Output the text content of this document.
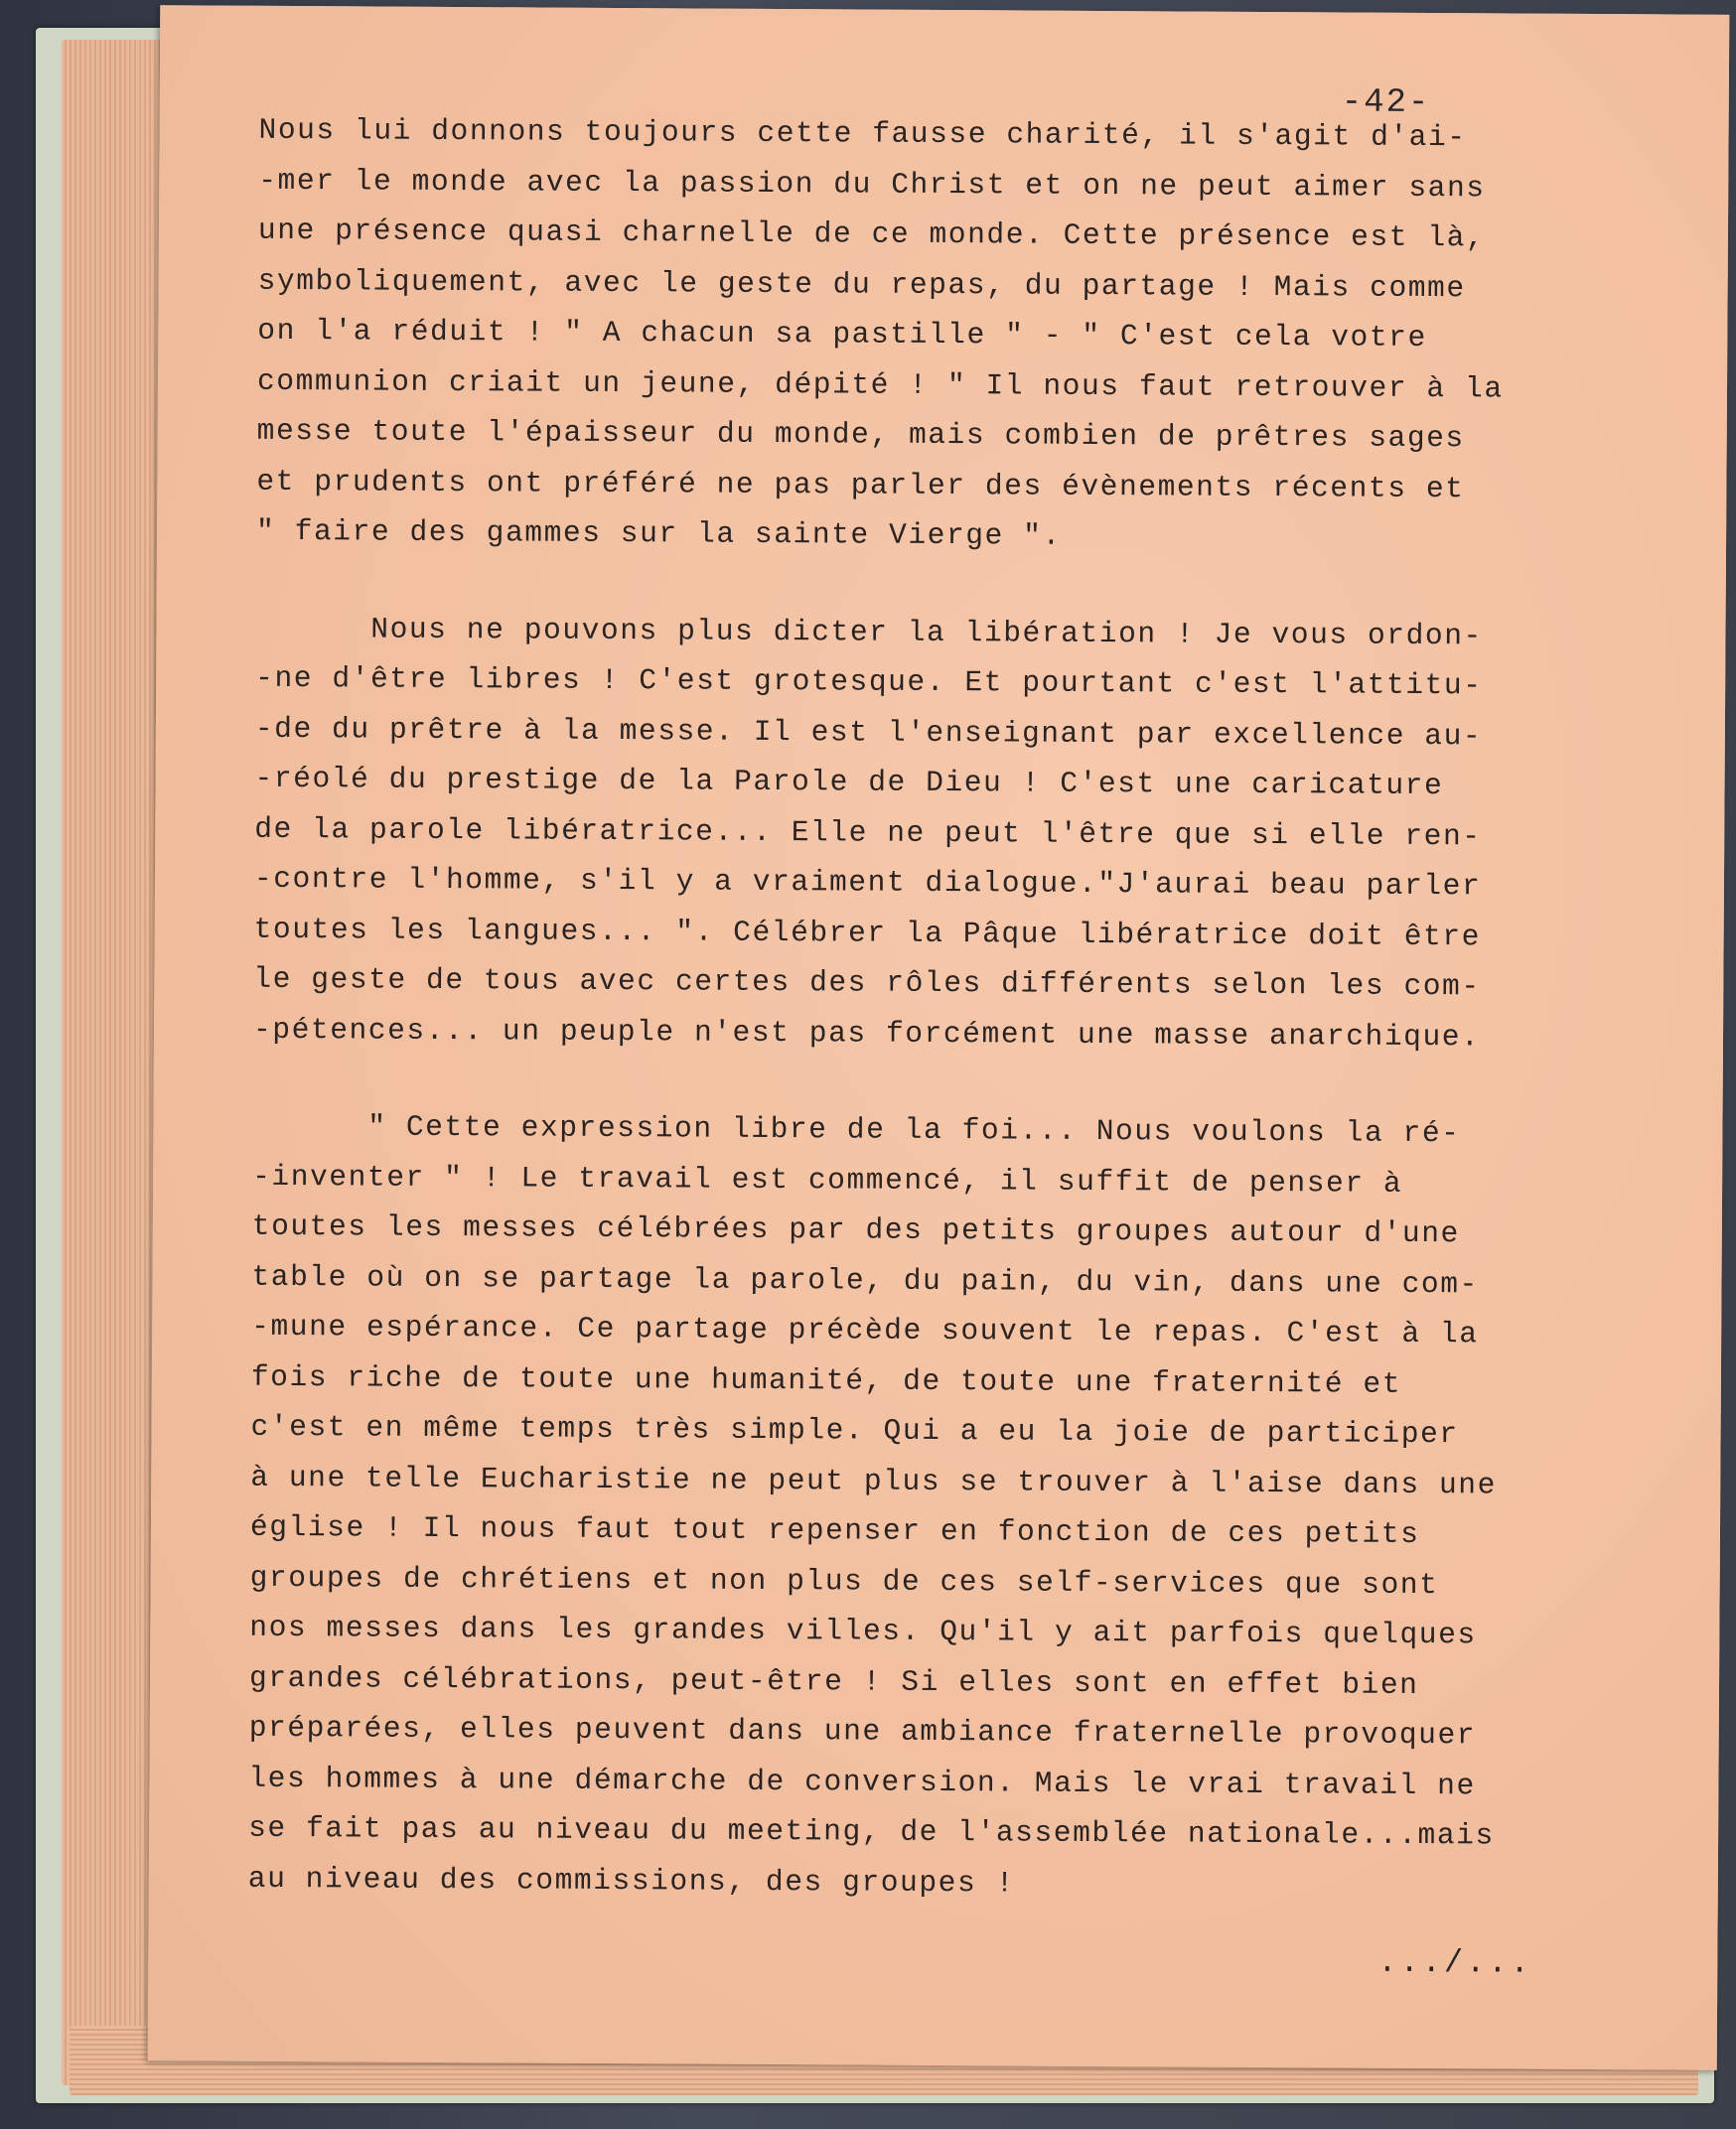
-42-
Nous lui donnons toujours cette fausse charité, il s'agit d'ai-
-mer le monde avec la passion du Christ et on ne peut aimer sans
une présence quasi charnelle de ce monde. Cette présence est là,
symboliquement, avec le geste du repas, du partage ! Mais comme
on l'a réduit ! " A chacun sa pastille " - " C'est cela votre
communion criait un jeune, dépité ! " Il nous faut retrouver à la
messe toute l'épaisseur du monde, mais combien de prêtres sages
et prudents ont préféré ne pas parler des évènements récents et
" faire des gammes sur la sainte Vierge ".
Nous ne pouvons plus dicter la libération ! Je vous ordon-
-ne d'être libres ! C'est grotesque. Et pourtant c'est l'attitu-
-de du prêtre à la messe. Il est l'enseignant par excellence au-
-réolé du prestige de la Parole de Dieu ! C'est une caricature
de la parole libératrice... Elle ne peut l'être que si elle ren-
-contre l'homme, s'il y a vraiment dialogue."J'aurai beau parler
toutes les langues... ". Célébrer la Pâque libératrice doit être
le geste de tous avec certes des rôles différents selon les com-
-pétences... un peuple n'est pas forcément une masse anarchique.
" Cette expression libre de la foi... Nous voulons la ré-
-inventer " ! Le travail est commencé, il suffit de penser à
toutes les messes célébrées par des petits groupes autour d'une
table où on se partage la parole, du pain, du vin, dans une com-
-mune espérance. Ce partage précède souvent le repas. C'est à la
fois riche de toute une humanité, de toute une fraternité et
c'est en même temps très simple. Qui a eu la joie de participer
à une telle Eucharistie ne peut plus se trouver à l'aise dans une
église ! Il nous faut tout repenser en fonction de ces petits
groupes de chrétiens et non plus de ces self-services que sont
nos messes dans les grandes villes. Qu'il y ait parfois quelques
grandes célébrations, peut-être ! Si elles sont en effet bien
préparées, elles peuvent dans une ambiance fraternelle provoquer
les hommes à une démarche de conversion. Mais le vrai travail ne
se fait pas au niveau du meeting, de l'assemblée nationale...mais
au niveau des commissions, des groupes !
.../...
